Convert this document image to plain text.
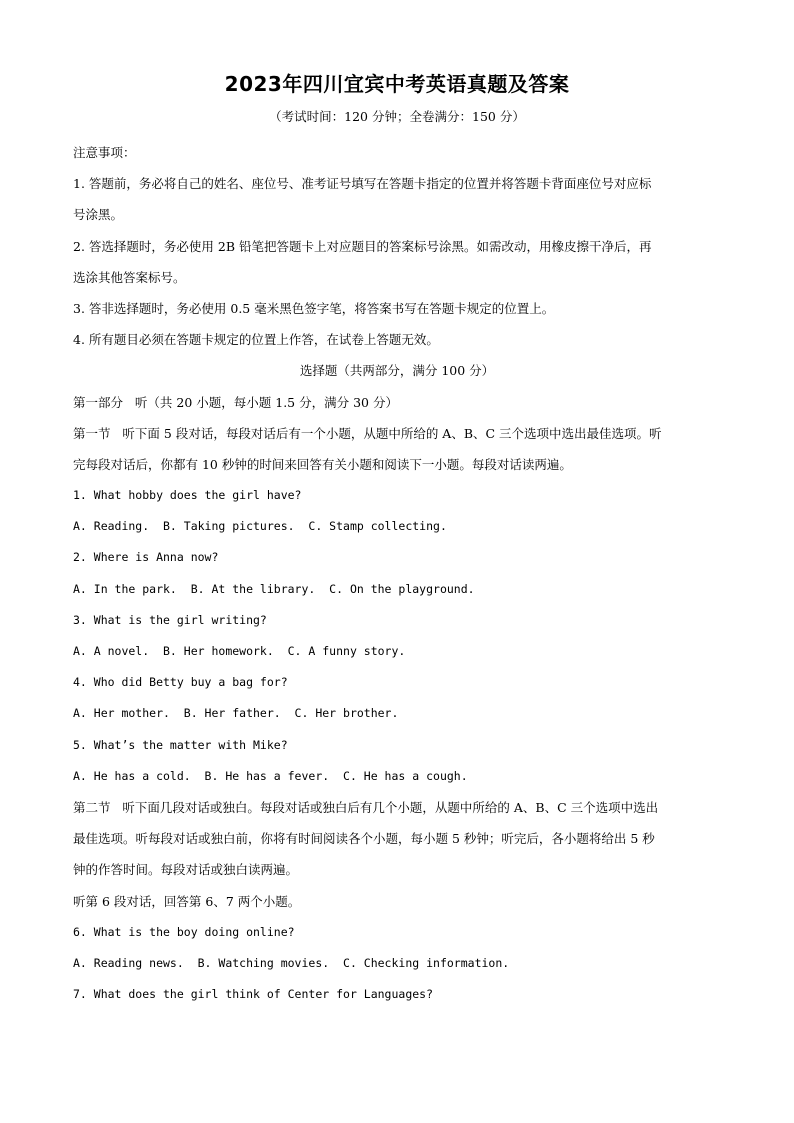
2023年四川宜宾中考英语真题及答案
（考试时间：120 分钟；全卷满分：150 分）
注意事项：
1. 答题前，务必将自己的姓名、座位号、准考证号填写在答题卡指定的位置并将答题卡背面座位号对应标
号涂黑。
2. 答选择题时，务必使用 2B 铅笔把答题卡上对应题目的答案标号涂黑。如需改动，用橡皮擦干净后，再
选涂其他答案标号。
3. 答非选择题时，务必使用 0.5 毫米黑色签字笔，将答案书写在答题卡规定的位置上。
4. 所有题目必须在答题卡规定的位置上作答，在试卷上答题无效。
选择题（共两部分，满分 100 分）
第一部分   听（共 20 小题，每小题 1.5 分，满分 30 分）
第一节   听下面 5 段对话，每段对话后有一个小题，从题中所给的 A、B、C 三个选项中选出最佳选项。听
完每段对话后，你都有 10 秒钟的时间来回答有关小题和阅读下一小题。每段对话读两遍。
1. What hobby does the girl have?
A. Reading.  B. Taking pictures.  C. Stamp collecting.
2. Where is Anna now?
A. In the park.  B. At the library.  C. On the playground.
3. What is the girl writing?
A. A novel.  B. Her homework.  C. A funny story.
4. Who did Betty buy a bag for?
A. Her mother.  B. Her father.  C. Her brother.
5. What’s the matter with Mike?
A. He has a cold.  B. He has a fever.  C. He has a cough.
第二节   听下面几段对话或独白。每段对话或独白后有几个小题，从题中所给的 A、B、C 三个选项中选出
最佳选项。听每段对话或独白前，你将有时间阅读各个小题，每小题 5 秒钟；听完后，各小题将给出 5 秒
钟的作答时间。每段对话或独白读两遍。
听第 6 段对话，回答第 6、7 两个小题。
6. What is the boy doing online?
A. Reading news.  B. Watching movies.  C. Checking information.
7. What does the girl think of Center for Languages?
